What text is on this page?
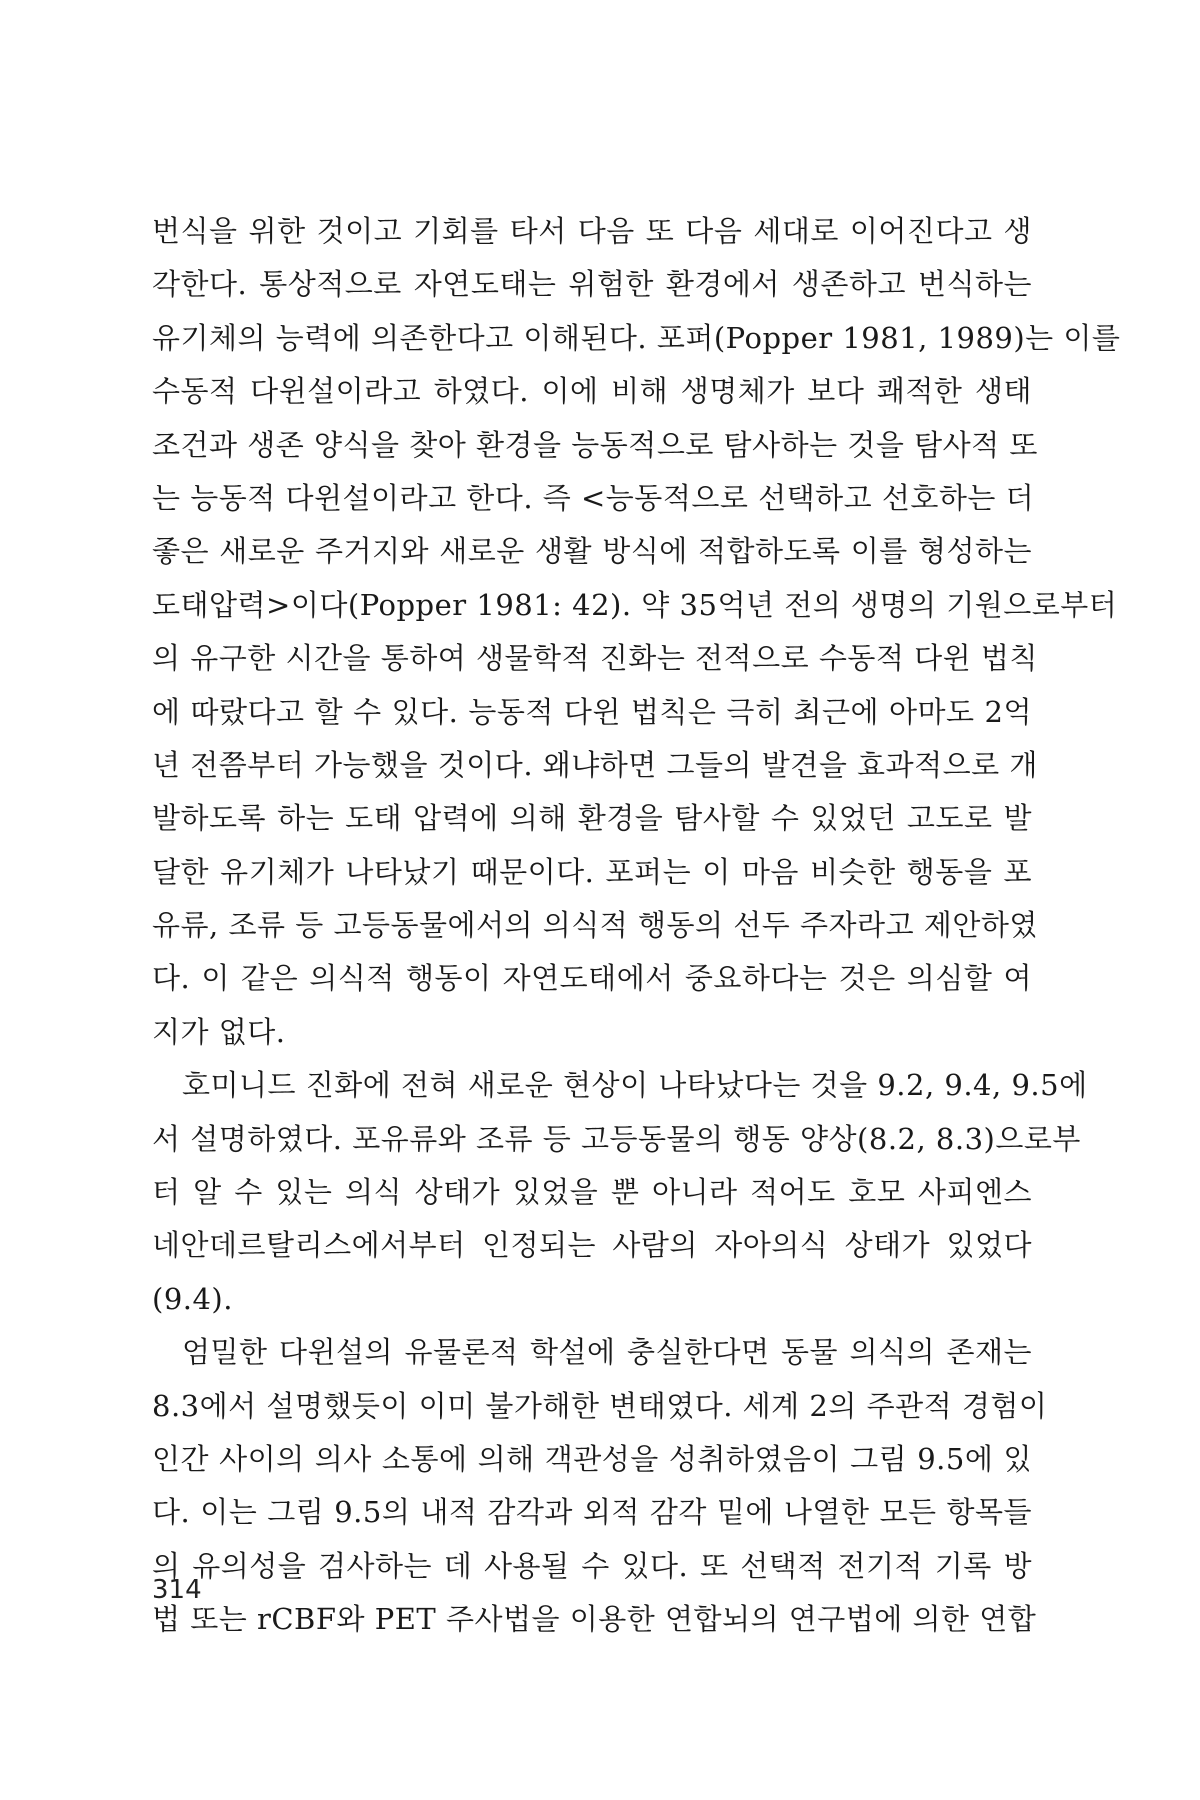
번식을 위한 것이고 기회를 타서 다음 또 다음 세대로 이어진다고 생
각한다. 통상적으로 자연도태는 위험한 환경에서 생존하고 번식하는
유기체의 능력에 의존한다고 이해된다. 포퍼(Popper 1981, 1989)는 이를
수동적 다윈설이라고 하였다. 이에 비해 생명체가 보다 쾌적한 생태
조건과 생존 양식을 찾아 환경을 능동적으로 탐사하는 것을 탐사적 또
는 능동적 다윈설이라고 한다. 즉 <능동적으로 선택하고 선호하는 더
좋은 새로운 주거지와 새로운 생활 방식에 적합하도록 이를 형성하는
도태압력>이다(Popper 1981: 42). 약 35억년 전의 생명의 기원으로부터
의 유구한 시간을 통하여 생물학적 진화는 전적으로 수동적 다윈 법칙
에 따랐다고 할 수 있다. 능동적 다윈 법칙은 극히 최근에 아마도 2억
년 전쯤부터 가능했을 것이다. 왜냐하면 그들의 발견을 효과적으로 개
발하도록 하는 도태 압력에 의해 환경을 탐사할 수 있었던 고도로 발
달한 유기체가 나타났기 때문이다. 포퍼는 이 마음 비슷한 행동을 포
유류, 조류 등 고등동물에서의 의식적 행동의 선두 주자라고 제안하였
다. 이 같은 의식적 행동이 자연도태에서 중요하다는 것은 의심할 여
지가 없다.
호미니드 진화에 전혀 새로운 현상이 나타났다는 것을 9.2, 9.4, 9.5에
서 설명하였다. 포유류와 조류 등 고등동물의 행동 양상(8.2, 8.3)으로부
터 알 수 있는 의식 상태가 있었을 뿐 아니라 적어도 호모 사피엔스
네안데르탈리스에서부터 인정되는 사람의 자아의식 상태가 있었다
(9.4).
엄밀한 다윈설의 유물론적 학설에 충실한다면 동물 의식의 존재는
8.3에서 설명했듯이 이미 불가해한 변태였다. 세계 2의 주관적 경험이
인간 사이의 의사 소통에 의해 객관성을 성취하였음이 그림 9.5에 있
다. 이는 그림 9.5의 내적 감각과 외적 감각 밑에 나열한 모든 항목들
의 유의성을 검사하는 데 사용될 수 있다. 또 선택적 전기적 기록 방
법 또는 rCBF와 PET 주사법을 이용한 연합뇌의 연구법에 의한 연합
314
